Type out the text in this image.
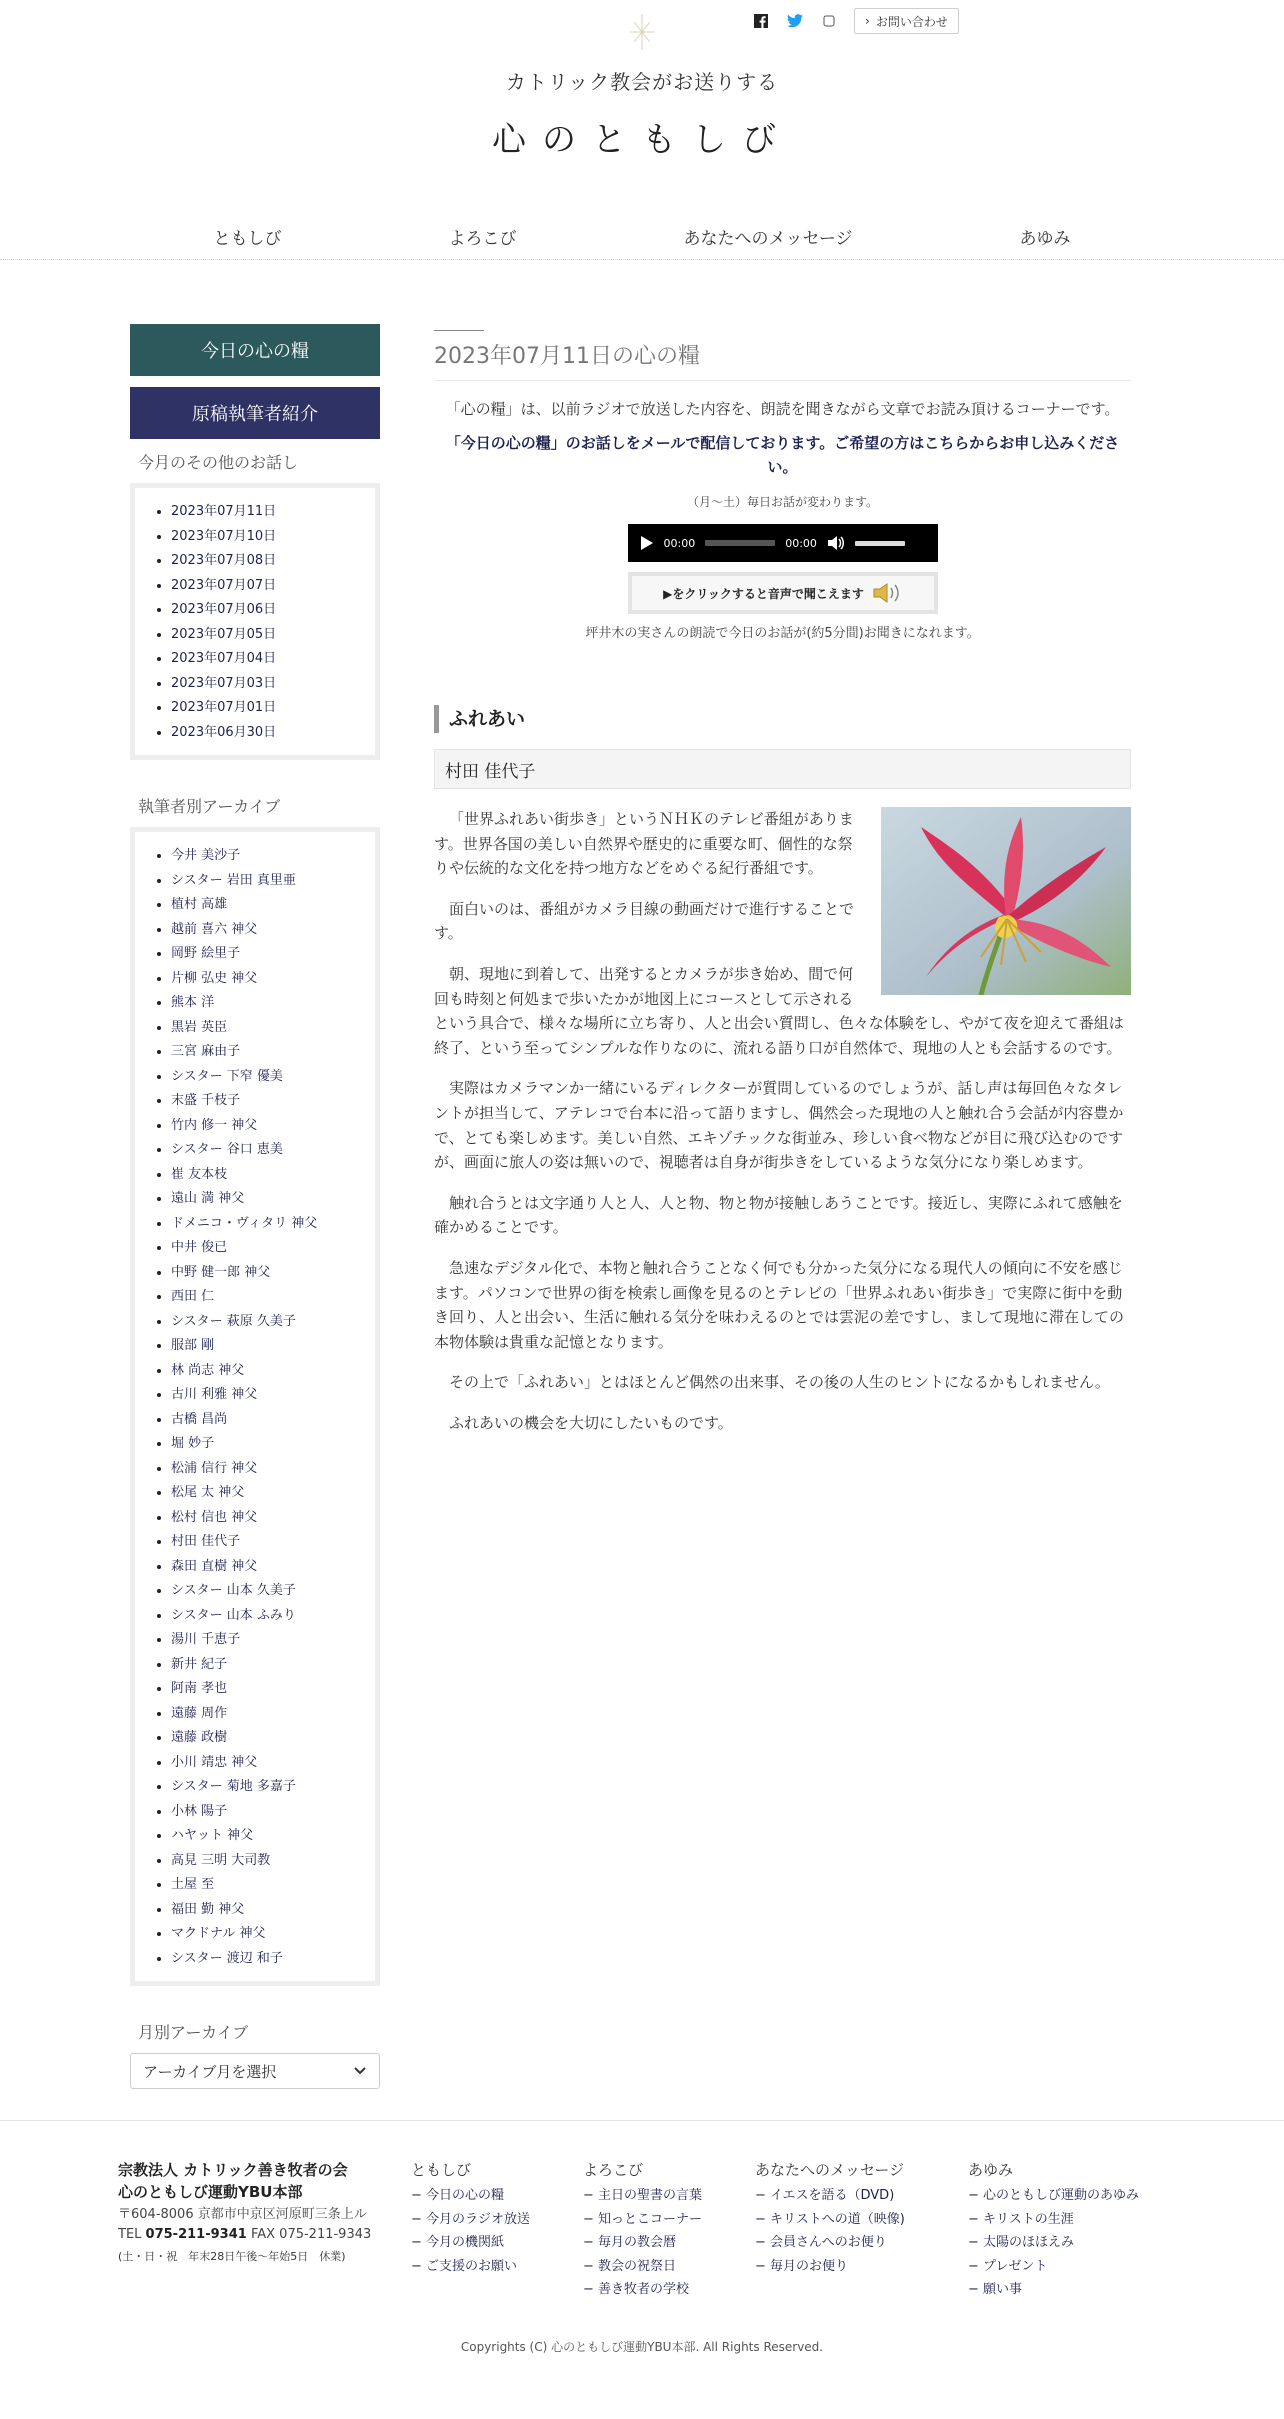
› お問い合わせ
カトリック教会がお送りする
心のともしび
ともしび	よろこび	あなたへのメッセージ	あゆみ
今日の心の糧
原稿執筆者紹介
今月のその他のお話し
• 2023年07月11日
• 2023年07月10日
• 2023年07月08日
• 2023年07月07日
• 2023年07月06日
• 2023年07月05日
• 2023年07月04日
• 2023年07月03日
• 2023年07月01日
• 2023年06月30日
執筆者別アーカイブ
• 今井 美沙子
• シスター 岩田 真里亜
• 植村 高雄
• 越前 喜六 神父
• 岡野 絵里子
• 片柳 弘史 神父
• 熊本 洋
• 黒岩 英臣
• 三宮 麻由子
• シスター 下窄 優美
• 末盛 千枝子
• 竹内 修一 神父
• シスター 谷口 恵美
• 崔 友本枝
• 遠山 満 神父
• ドメニコ・ヴィタリ 神父
• 中井 俊已
• 中野 健一郎 神父
• 西田 仁
• シスター 萩原 久美子
• 服部 剛
• 林 尚志 神父
• 古川 利雅 神父
• 古橋 昌尚
• 堀 妙子
• 松浦 信行 神父
• 松尾 太 神父
• 松村 信也 神父
• 村田 佳代子
• 森田 直樹 神父
• シスター 山本 久美子
• シスター 山本 ふみり
• 湯川 千恵子
• 新井 紀子
• 阿南 孝也
• 遠藤 周作
• 遠藤 政樹
• 小川 靖忠 神父
• シスター 菊地 多嘉子
• 小林 陽子
• ハヤット 神父
• 高見 三明 大司教
• 土屋 至
• 福田 勤 神父
• マクドナル 神父
• シスター 渡辺 和子
月別アーカイブ
アーカイブ月を選択
2023年07月11日の心の糧

「心の糧」は、以前ラジオで放送した内容を、朗読を聞きながら文章でお読み頂けるコーナーです。

「今日の心の糧」のお話しをメールで配信しております。ご希望の方はこちらからお申し込みください。

（月〜土）毎日お話が変わります。

00:00	00:00
▶をクリックすると音声で聞こえます

坪井木の実さんの朗読で今日のお話が(約5分間)お聞きになれます。

ふれあい
村田 佳代子

「世界ふれあい街歩き」というＮＨＫのテレビ番組があります。世界各国の美しい自然界や歴史的に重要な町、個性的な祭りや伝統的な文化を持つ地方などをめぐる紀行番組です。

面白いのは、番組がカメラ目線の動画だけで進行することです。

朝、現地に到着して、出発するとカメラが歩き始め、間で何回も時刻と何処まで歩いたかが地図上にコースとして示されるという具合で、様々な場所に立ち寄り、人と出会い質問し、色々な体験をし、やがて夜を迎えて番組は終了、という至ってシンプルな作りなのに、流れる語り口が自然体で、現地の人とも会話するのです。

実際はカメラマンか一緒にいるディレクターが質問しているのでしょうが、話し声は毎回色々なタレントが担当して、アテレコで台本に沿って語りますし、偶然会った現地の人と触れ合う会話が内容豊かで、とても楽しめます。美しい自然、エキゾチックな街並み、珍しい食べ物などが目に飛び込むのですが、画面に旅人の姿は無いので、視聴者は自身が街歩きをしているような気分になり楽しめます。

触れ合うとは文字通り人と人、人と物、物と物が接触しあうことです。接近し、実際にふれて感触を確かめることです。

急速なデジタル化で、本物と触れ合うことなく何でも分かった気分になる現代人の傾向に不安を感じます。パソコンで世界の街を検索し画像を見るのとテレビの「世界ふれあい街歩き」で実際に街中を動き回り、人と出会い、生活に触れる気分を味わえるのとでは雲泥の差ですし、まして現地に滞在しての本物体験は貴重な記憶となります。

その上で「ふれあい」とはほとんど偶然の出来事、その後の人生のヒントになるかもしれません。

ふれあいの機会を大切にしたいものです。

宗教法人 カトリック善き牧者の会
心のともしび運動YBU本部
〒604-8006 京都市中京区河原町三条上ル
TEL 075-211-9341 FAX 075-211-9343
(土・日・祝　年末28日午後〜年始5日　休業)
ともしび
− 今日の心の糧
− 今月のラジオ放送
− 今月の機関紙
− ご支援のお願い
よろこび
− 主日の聖書の言葉
− 知っとこコーナー
− 毎月の教会暦
− 教会の祝祭日
− 善き牧者の学校
あなたへのメッセージ
− イエスを語る（DVD)
− キリストへの道（映像)
− 会員さんへのお便り
− 毎月のお便り
あゆみ
− 心のともしび運動のあゆみ
− キリストの生涯
− 太陽のほほえみ
− プレゼント
− 願い事
Copyrights (C) 心のともしび運動YBU本部. All Rights Reserved.
